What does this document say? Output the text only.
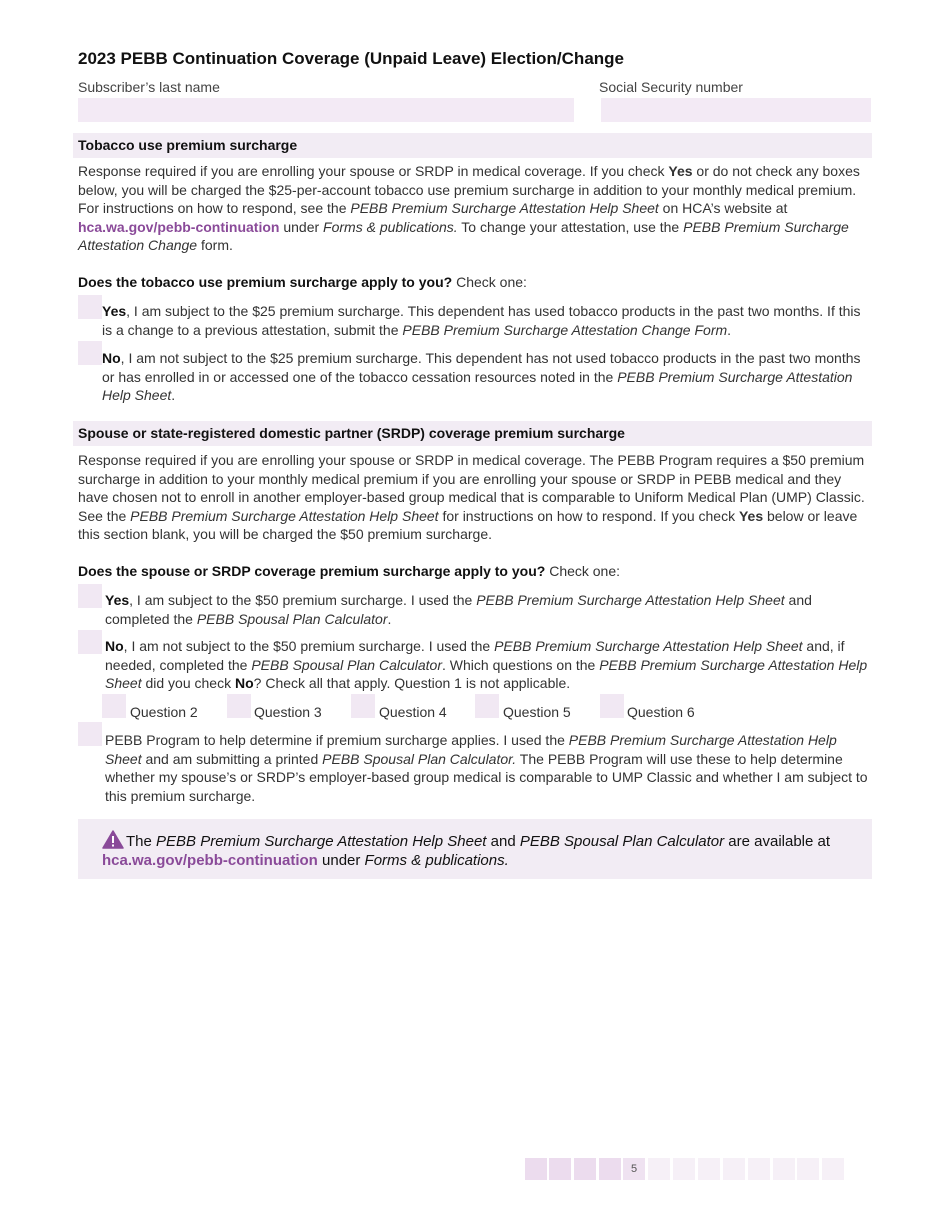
2023 PEBB Continuation Coverage (Unpaid Leave) Election/Change
Subscriber’s last name	Social Security number
Tobacco use premium surcharge
Response required if you are enrolling your spouse or SRDP in medical coverage. If you check Yes or do not check any boxes below, you will be charged the $25-per-account tobacco use premium surcharge in addition to your monthly medical premium. For instructions on how to respond, see the PEBB Premium Surcharge Attestation Help Sheet on HCA’s website at hca.wa.gov/pebb-continuation under Forms & publications. To change your attestation, use the PEBB Premium Surcharge Attestation Change form.
Does the tobacco use premium surcharge apply to you? Check one:
Yes, I am subject to the $25 premium surcharge. This dependent has used tobacco products in the past two months. If this is a change to a previous attestation, submit the PEBB Premium Surcharge Attestation Change Form.
No, I am not subject to the $25 premium surcharge. This dependent has not used tobacco products in the past two months or has enrolled in or accessed one of the tobacco cessation resources noted in the PEBB Premium Surcharge Attestation Help Sheet.
Spouse or state-registered domestic partner (SRDP) coverage premium surcharge
Response required if you are enrolling your spouse or SRDP in medical coverage. The PEBB Program requires a $50 premium surcharge in addition to your monthly medical premium if you are enrolling your spouse or SRDP in PEBB medical and they have chosen not to enroll in another employer-based group medical that is comparable to Uniform Medical Plan (UMP) Classic. See the PEBB Premium Surcharge Attestation Help Sheet for instructions on how to respond. If you check Yes below or leave this section blank, you will be charged the $50 premium surcharge.
Does the spouse or SRDP coverage premium surcharge apply to you? Check one:
Yes, I am subject to the $50 premium surcharge. I used the PEBB Premium Surcharge Attestation Help Sheet and completed the PEBB Spousal Plan Calculator.
No, I am not subject to the $50 premium surcharge. I used the PEBB Premium Surcharge Attestation Help Sheet and, if needed, completed the PEBB Spousal Plan Calculator. Which questions on the PEBB Premium Surcharge Attestation Help Sheet did you check No? Check all that apply. Question 1 is not applicable.
Question 2	Question 3	Question 4	Question 5	Question 6
PEBB Program to help determine if premium surcharge applies. I used the PEBB Premium Surcharge Attestation Help Sheet and am submitting a printed PEBB Spousal Plan Calculator. The PEBB Program will use these to help determine whether my spouse’s or SRDP’s employer-based group medical is comparable to UMP Classic and whether I am subject to this premium surcharge.
The PEBB Premium Surcharge Attestation Help Sheet and PEBB Spousal Plan Calculator are available at
hca.wa.gov/pebb-continuation under Forms & publications.
5
